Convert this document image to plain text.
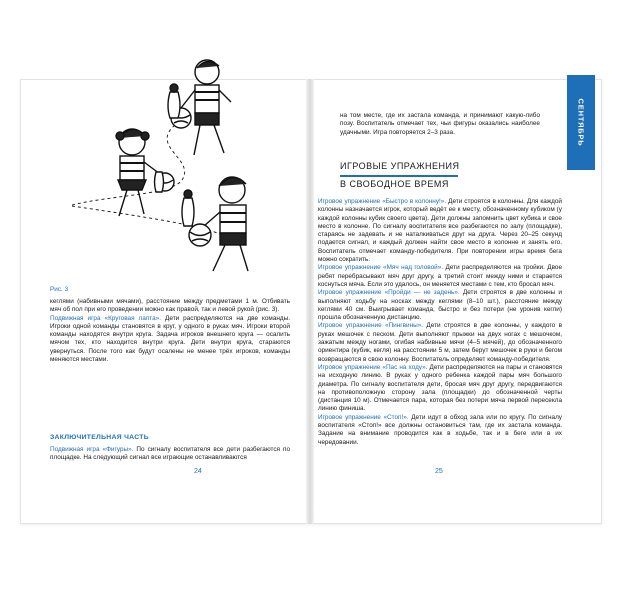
Рис. 3

кеглями (набивными мячами), расстояние между предметами 1 м. Отбивать мяч об пол при его проведении можно как правой, так и левой рукой (рис. 3).

Подвижная игра «Круговая лапта». Дети распределяются на две команды. Игроки одной команды становятся в круг, у одного в руках мяч. Игроки второй команды находятся внутри круга. Задача игроков внешнего круга — осалить мячом тех, кто находится внутри круга. Дети внутри круга, стараются увернуться. После того как будут осалены не менее трёх игроков, команды меняются местами.

ЗАКЛЮЧИТЕЛЬНАЯ ЧАСТЬ

Подвижная игра «Фигуры». По сигналу воспитателя все дети разбегаются по площадке. На следующий сигнал все играющие останавливаются

24
на том месте, где их застала команда, и принимают какую-либо позу. Воспитатель отмечает тех, чьи фигуры оказались наиболее удачными. Игра повторяется 2–3 раза.
ИГРОВЫЕ УПРАЖНЕНИЯ
В СВОБОДНОЕ ВРЕМЯ

Игровое упражнение «Быстро в колонну!». Дети строятся в колонны. Для каждой колонны назначается игрок, который ведёт ее к месту, обозначенному кубиком (у каждой колонны кубик своего цвета). Дети должны запомнить цвет кубика и свое место в колонне. По сигналу воспитателя все разбегаются по залу (площадке), стараясь не задевать и не наталкиваться друг на друга. Через 20–25 секунд подается сигнал, и каждый должен найти свое место в колонне и занять его. Воспитатель отмечает команду-победителя. При повторении игры время бега можно сократить.

Игровое упражнение «Мяч над головой». Дети распределяются на тройки. Двое ребят перебрасывают мяч друг другу, а третий стоит между ними и старается коснуться мяча. Если это удалось, он меняется местами с тем, кто бросал мяч.

Игровое упражнение «Пройди — не задень». Дети строятся в две колонны и выполняют ходьбу на носках между кеглями (8–10 шт.), расстояние между кеглями 40 см. Выигрывает команда, быстро и без потери (не уронив кегли) прошла обозначенную дистанцию.

Игровое упражнение «Пингвины». Дети строятся в две колонны, у каждого в руках мешочек с песком. Дети выполняют прыжки на двух ногах с мешочком, зажатым между ногами, огибая набивные мячи (4–5 мячей), до обозначенного ориентира (кубик, кегля) на расстоянии 5 м, затем берут мешочек в руки и бегом возвращаются в свою колонну. Воспитатель определяет команду-победителя.

Игровое упражнение «Пас на ходу». Дети распределяются на пары и становятся на исходную линию. В руках у одного ребенка каждой пары мяч большого диаметра. По сигналу воспитателя дети, бросая мяч друг другу, передвигаются на противоположную сторону зала (площадки) до обозначенной черты (дистанция 10 м). Отмечается пара, которая без потери мяча первой пересекла линию финиша.

Игровое упражнение «Стоп!». Дети идут в обход зала или по кругу. По сигналу воспитателя «Стоп!» все должны остановиться там, где их застала команда. Задание на внимание проводится как в ходьбе, так и в беге или в их чередовании.

25
СЕНТЯБРЬ
